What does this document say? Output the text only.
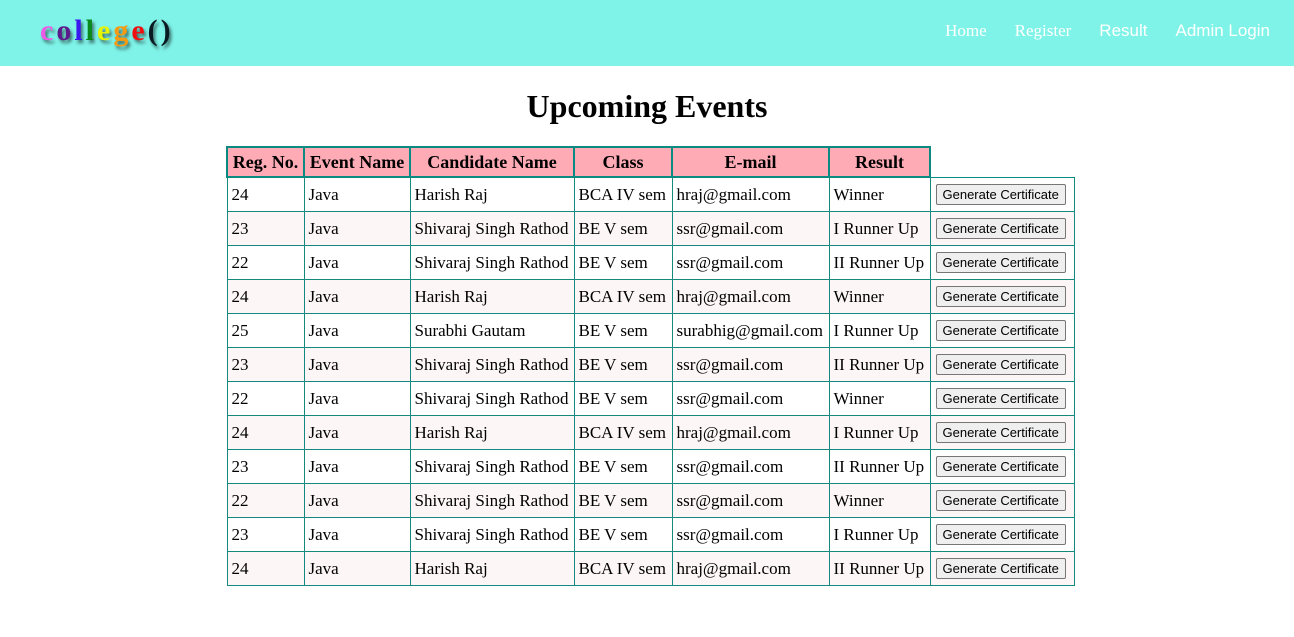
college()	Home Register Result Admin Login
Upcoming Events
Reg. No.	Event Name	Candidate Name	Class	E-mail	Result	
24	Java	Harish Raj	BCA IV sem	hraj@gmail.com	Winner	Generate Certificate
23	Java	Shivaraj Singh Rathod	BE V sem	ssr@gmail.com	I Runner Up	Generate Certificate
22	Java	Shivaraj Singh Rathod	BE V sem	ssr@gmail.com	II Runner Up	Generate Certificate
24	Java	Harish Raj	BCA IV sem	hraj@gmail.com	Winner	Generate Certificate
25	Java	Surabhi Gautam	BE V sem	surabhig@gmail.com	I Runner Up	Generate Certificate
23	Java	Shivaraj Singh Rathod	BE V sem	ssr@gmail.com	II Runner Up	Generate Certificate
22	Java	Shivaraj Singh Rathod	BE V sem	ssr@gmail.com	Winner	Generate Certificate
24	Java	Harish Raj	BCA IV sem	hraj@gmail.com	I Runner Up	Generate Certificate
23	Java	Shivaraj Singh Rathod	BE V sem	ssr@gmail.com	II Runner Up	Generate Certificate
22	Java	Shivaraj Singh Rathod	BE V sem	ssr@gmail.com	Winner	Generate Certificate
23	Java	Shivaraj Singh Rathod	BE V sem	ssr@gmail.com	I Runner Up	Generate Certificate
24	Java	Harish Raj	BCA IV sem	hraj@gmail.com	II Runner Up	Generate Certificate
